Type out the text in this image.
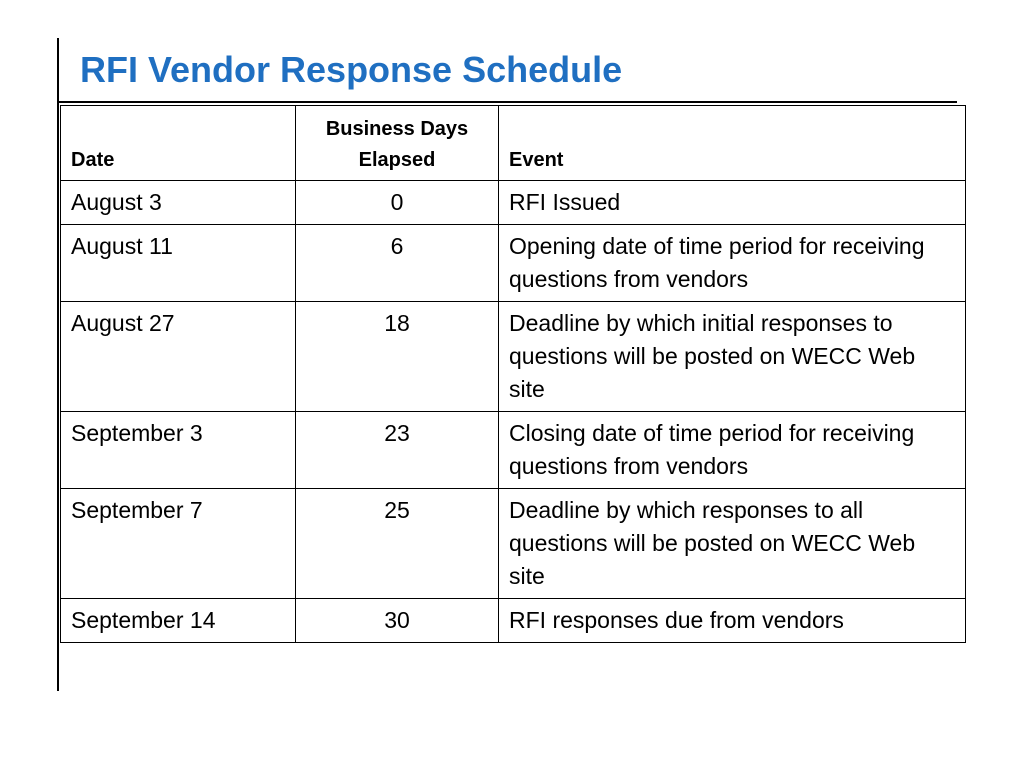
RFI Vendor Response Schedule
Date	Business Days Elapsed	Event
August 3	0	RFI Issued
August 11	6	Opening date of time period for receiving questions from vendors
August 27	18	Deadline by which initial responses to questions will be posted on WECC Web site
September 3	23	Closing date of time period for receiving questions from vendors
September 7	25	Deadline by which responses to all questions will be posted on WECC Web site
September 14	30	RFI responses due from vendors
